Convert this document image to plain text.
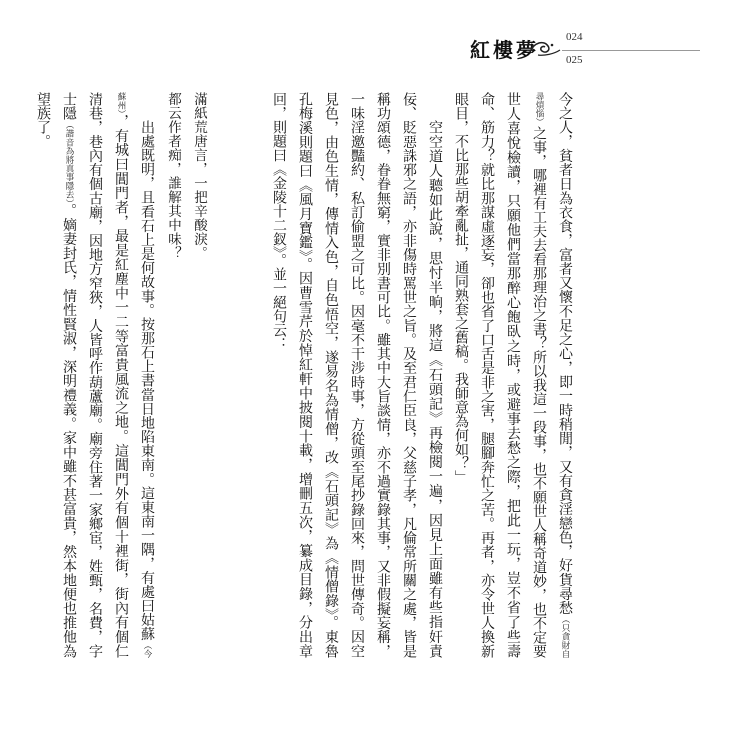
紅樓夢
024
025

今之人，貧者日為衣食，富者又懷不足之心，即一時稍閒，又有貪淫戀色，好貨尋愁（只貪財自尋煩惱）之事，哪裡有工夫去看那理治之書？所以我這一段事，也不願世人稱奇道妙，也不定要世人喜悅檢讀，只願他們當那醉心飽臥之時，或避事去愁之際，把此一玩，豈不省了些壽命、筋力？就比那謀虛逐妄，卻也省了口舌是非之害，腿腳奔忙之苦。再者，亦令世人換新眼目，不比那些胡牽亂扯，通同熟套之舊稿。我師意為何如？」

空空道人聽如此說，思忖半晌，將這《石頭記》再檢閱一遍，因見上面雖有些指奸責佞、貶惡誅邪之語，亦非傷時罵世之旨。及至君仁臣良，父慈子孝，凡倫常所關之處，皆是稱功頌德，眷眷無窮，實非別書可比。雖其中大旨談情，亦不過實錄其事，又非假擬妄稱，一味淫邀豔約、私訂偷盟之可比。因毫不干涉時事，方從頭至尾抄錄回來，問世傳奇。因空見色，由色生情，傳情入色，自色悟空，遂易名為情僧，改《石頭記》為《情僧錄》。東魯孔梅溪則題曰《風月寶鑑》。因曹雪芹於悼紅軒中披閱十載，增刪五次，纂成目錄，分出章回，則題曰《金陵十二釵》。並一絕句云：

滿紙荒唐言，一把辛酸淚。
都云作者痴，誰解其中味？

出處既明，且看石上是何故事。按那石上書當日地陷東南。這東南一隅，有處曰姑蘇（今蘇州），有城曰閶門者，最是紅塵中一二等富貴風流之地。這閶門外有個十裡街，街內有個仁清巷，巷內有個古廟，因地方窄狹，人皆呼作葫蘆廟。廟旁住著一家鄉宦，姓甄，名費，字士隱（諧音為將真事隱去）。嫡妻封氏，情性賢淑，深明禮義。家中雖不甚富貴，然本地便也推他為望族了。
